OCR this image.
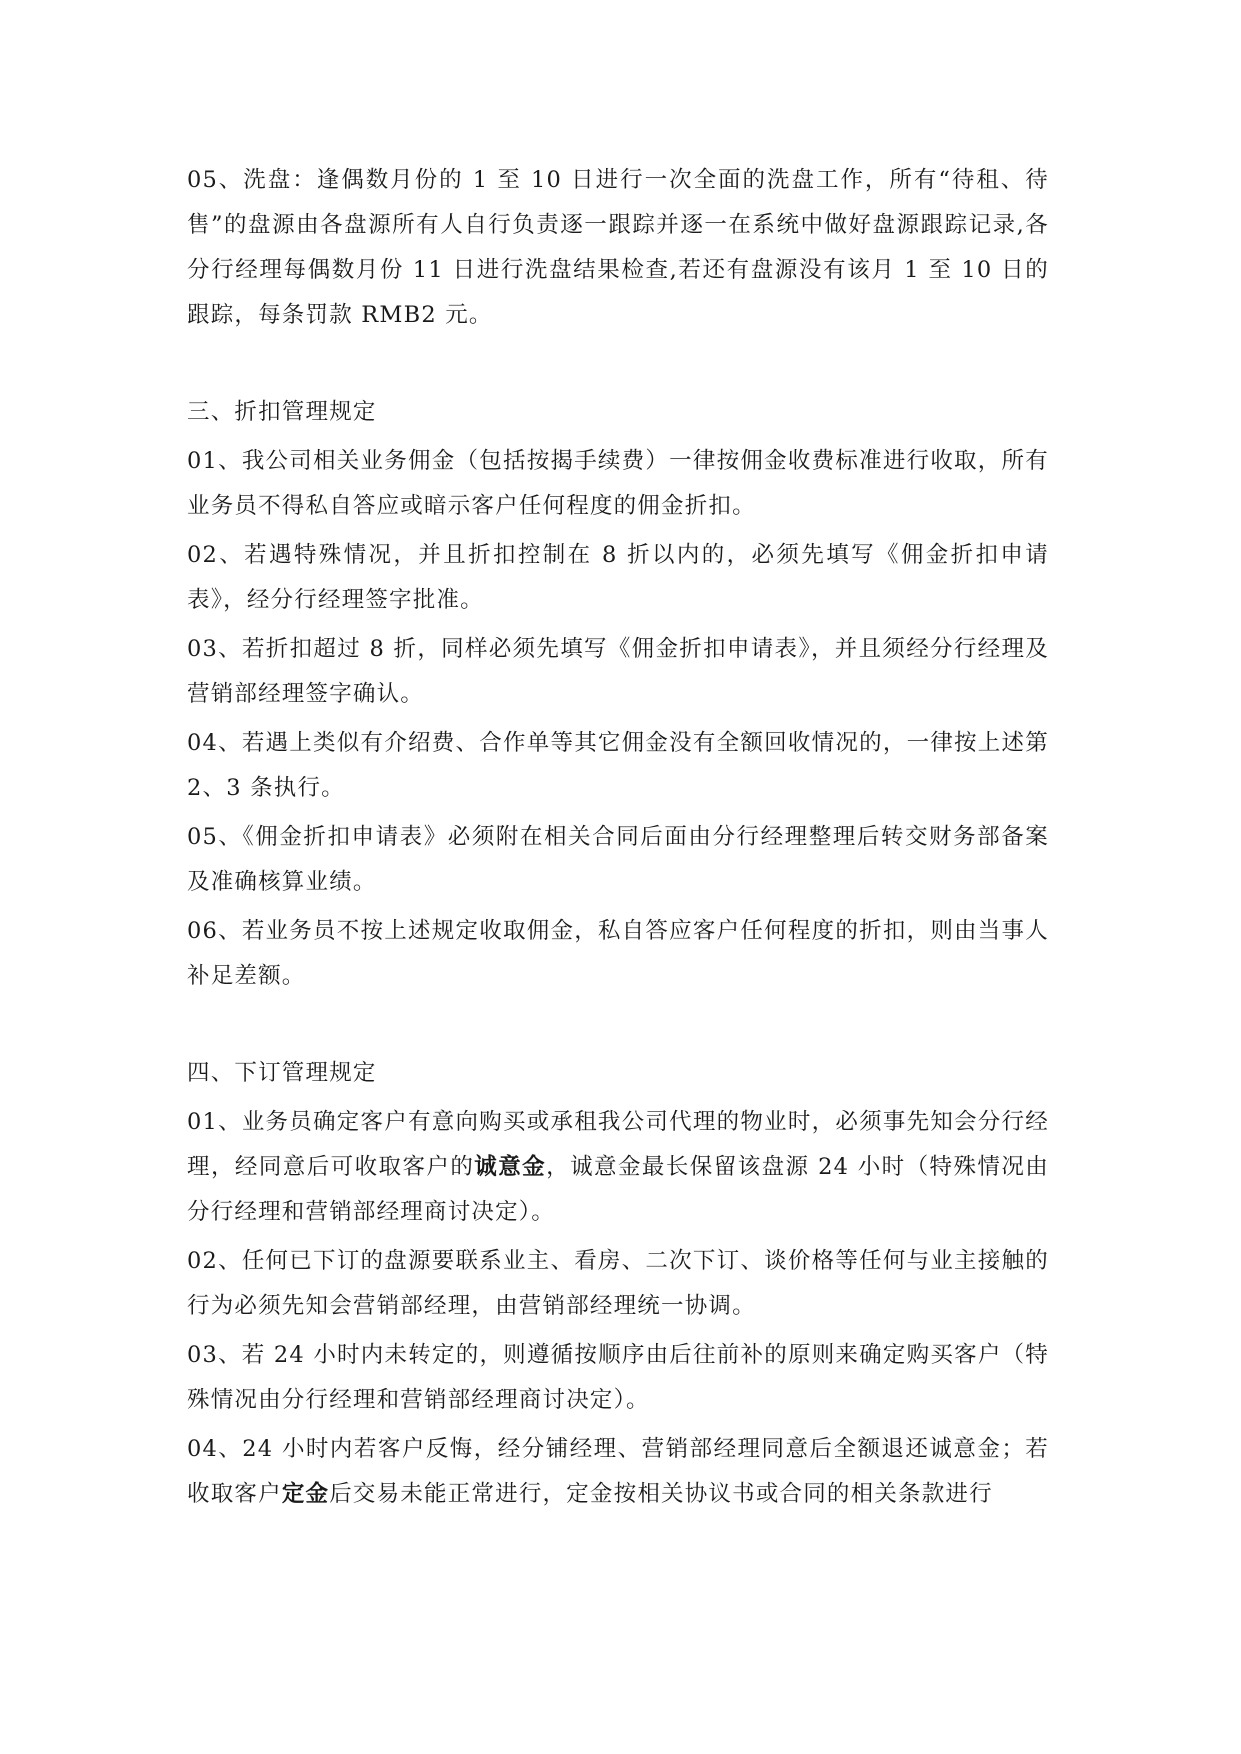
05、洗盘：逢偶数月份的 1 至 10 日进行一次全面的洗盘工作，所有“待租、待售”的盘源由各盘源所有人自行负责逐一跟踪并逐一在系统中做好盘源跟踪记录,各分行经理每偶数月份 11 日进行洗盘结果检查,若还有盘源没有该月 1 至 10 日的跟踪，每条罚款 RMB2 元。

三、折扣管理规定

01、我公司相关业务佣金（包括按揭手续费）一律按佣金收费标准进行收取，所有业务员不得私自答应或暗示客户任何程度的佣金折扣。

02、若遇特殊情况，并且折扣控制在 8 折以内的，必须先填写《佣金折扣申请表》，经分行经理签字批准。

03、若折扣超过 8 折，同样必须先填写《佣金折扣申请表》，并且须经分行经理及营销部经理签字确认。

04、若遇上类似有介绍费、合作单等其它佣金没有全额回收情况的，一律按上述第 2、3 条执行。

05、《佣金折扣申请表》必须附在相关合同后面由分行经理整理后转交财务部备案及准确核算业绩。

06、若业务员不按上述规定收取佣金，私自答应客户任何程度的折扣，则由当事人补足差额。

四、下订管理规定

01、业务员确定客户有意向购买或承租我公司代理的物业时，必须事先知会分行经理，经同意后可收取客户的诚意金，诚意金最长保留该盘源 24 小时（特殊情况由分行经理和营销部经理商讨决定）。

02、任何已下订的盘源要联系业主、看房、二次下订、谈价格等任何与业主接触的行为必须先知会营销部经理，由营销部经理统一协调。

03、若 24 小时内未转定的，则遵循按顺序由后往前补的原则来确定购买客户（特殊情况由分行经理和营销部经理商讨决定）。

04、24 小时内若客户反悔，经分铺经理、营销部经理同意后全额退还诚意金；若收取客户定金后交易未能正常进行，定金按相关协议书或合同的相关条款进行
